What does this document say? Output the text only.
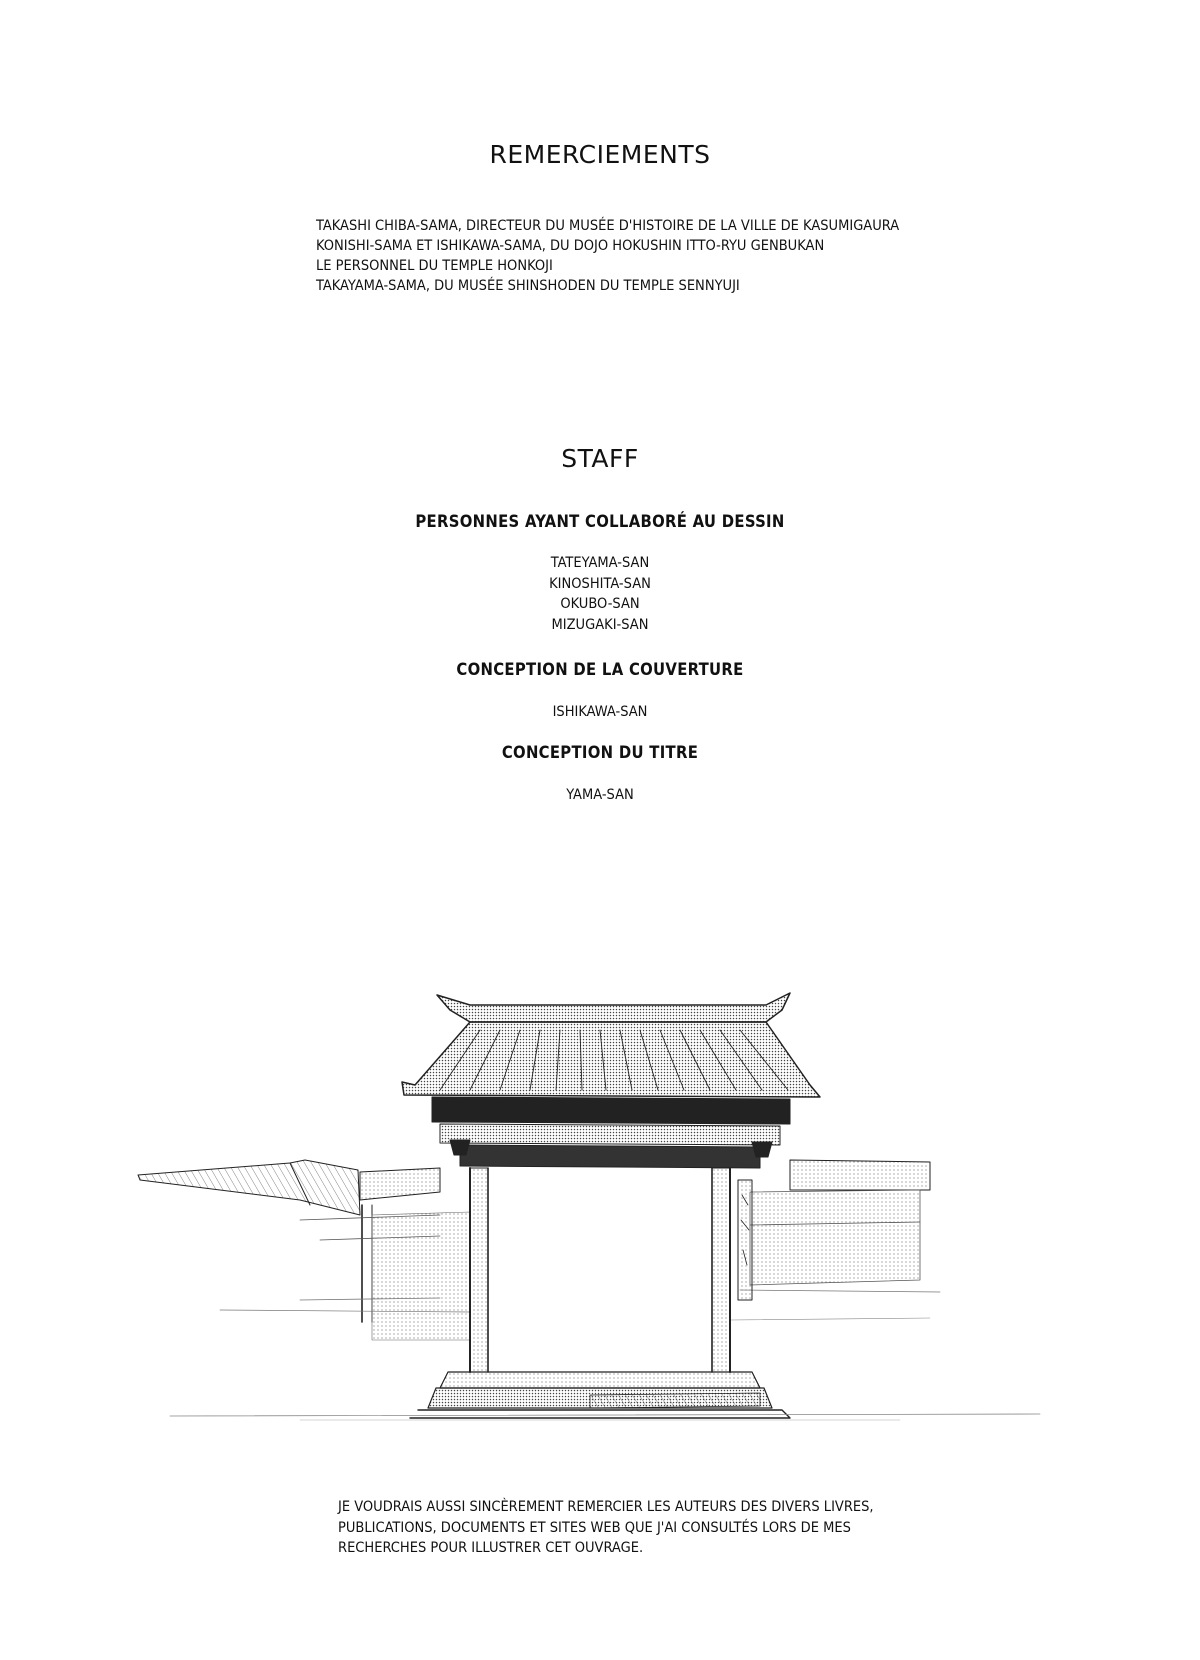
REMERCIEMENTS
TAKASHI CHIBA-SAMA, DIRECTEUR DU MUSÉE D'HISTOIRE DE LA VILLE DE KASUMIGAURA
KONISHI-SAMA ET ISHIKAWA-SAMA, DU DOJO HOKUSHIN ITTO-RYU GENBUKAN
LE PERSONNEL DU TEMPLE HONKOJI
TAKAYAMA-SAMA, DU MUSÉE SHINSHODEN DU TEMPLE SENNYUJI
STAFF
PERSONNES AYANT COLLABORÉ AU DESSIN
TATEYAMA-SAN
KINOSHITA-SAN
OKUBO-SAN
MIZUGAKI-SAN
CONCEPTION DE LA COUVERTURE
ISHIKAWA-SAN
CONCEPTION DU TITRE
YAMA-SAN
JE VOUDRAIS AUSSI SINCÈREMENT REMERCIER LES AUTEURS DES DIVERS LIVRES,
PUBLICATIONS, DOCUMENTS ET SITES WEB QUE J'AI CONSULTÉS LORS DE MES
RECHERCHES POUR ILLUSTRER CET OUVRAGE.
